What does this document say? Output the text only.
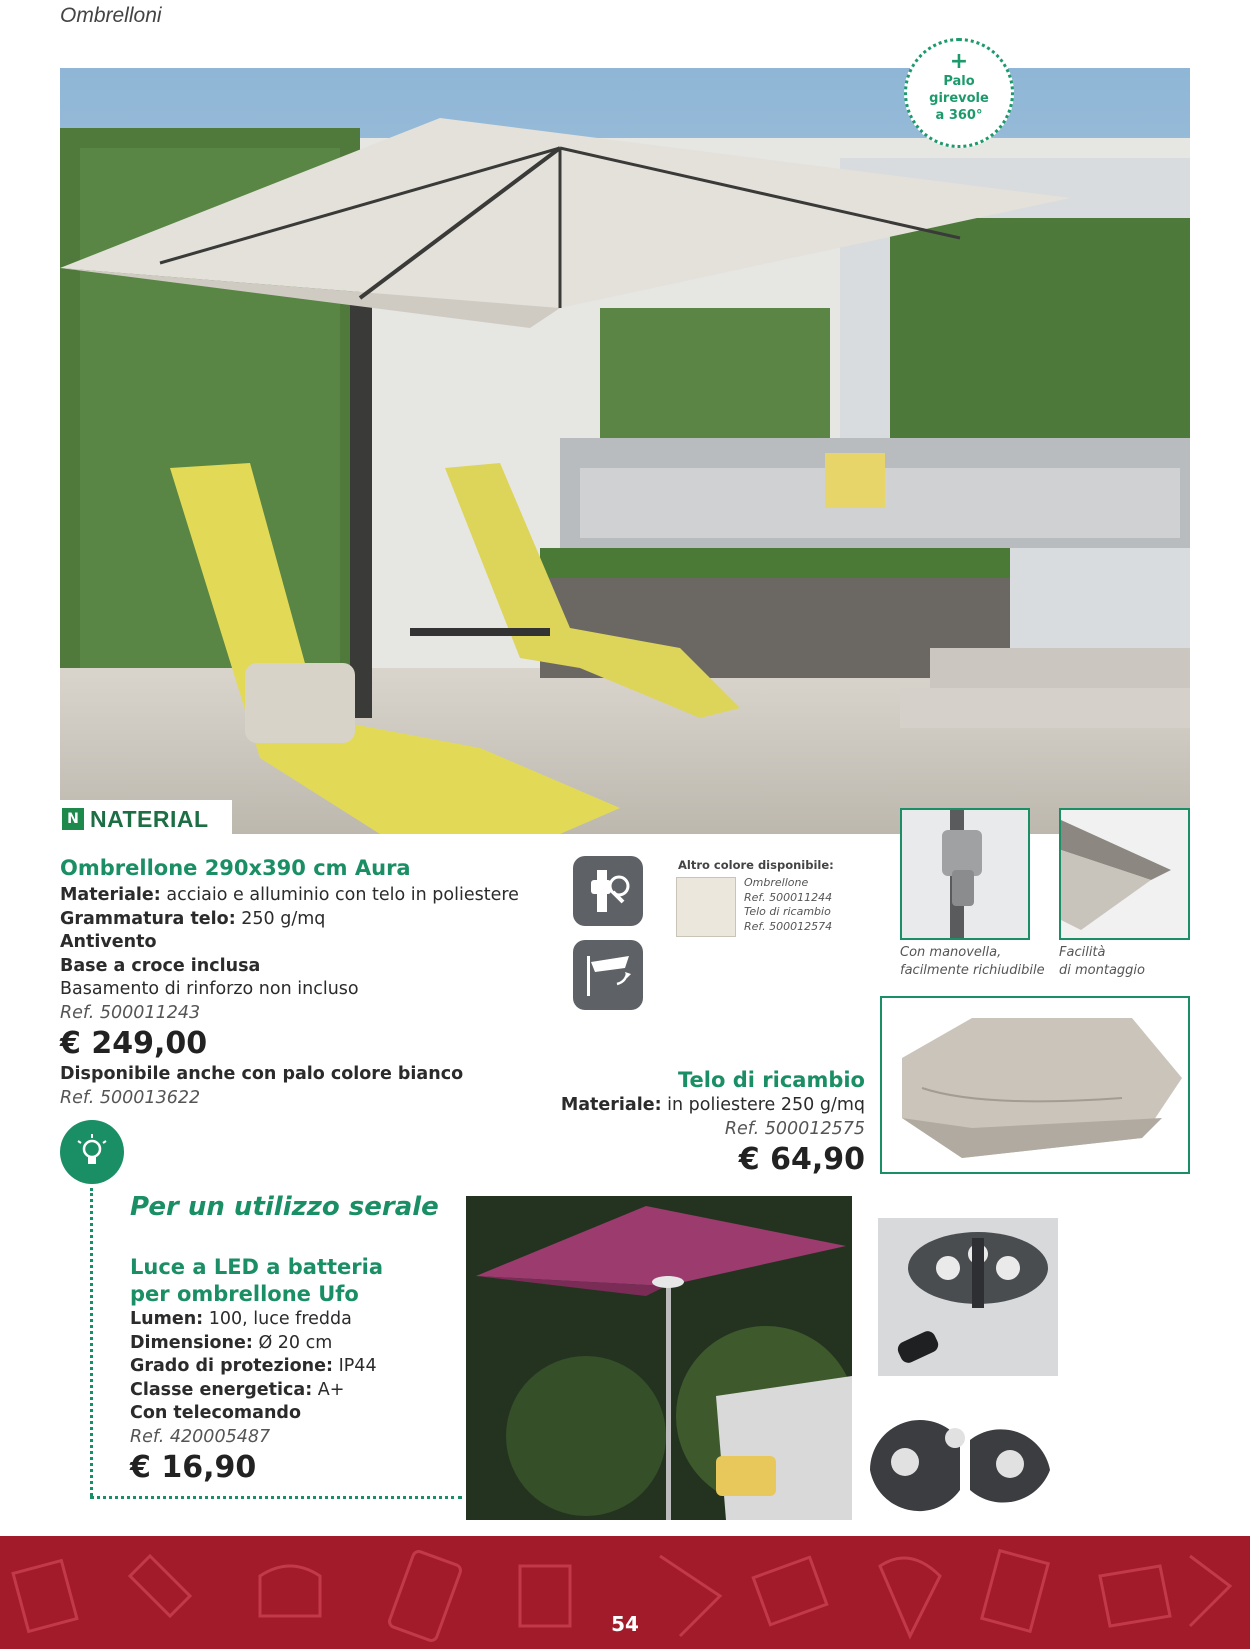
Ombrelloni
+
Palo
girevole
a 360°
N NATERIAL
Ombrellone 290x390 cm Aura
Materiale: acciaio e alluminio con telo in poliestere
Grammatura telo: 250 g/mq
Antivento
Base a croce inclusa
Basamento di rinforzo non incluso
Ref. 500011243
€ 249,00
Disponibile anche con palo colore bianco
Ref. 500013622
Altro colore disponibile:
Ombrellone
Ref. 500011244
Telo di ricambio
Ref. 500012574
Con manovella,
facilmente richiudibile
Facilità
di montaggio
Telo di ricambio
Materiale: in poliestere 250 g/mq
Ref. 500012575
€ 64,90
Per un utilizzo serale
Luce a LED a batteria
per ombrellone Ufo
Lumen: 100, luce fredda
Dimensione: Ø 20 cm
Grado di protezione: IP44
Classe energetica: A+
Con telecomando
Ref. 420005487
€ 16,90
54
